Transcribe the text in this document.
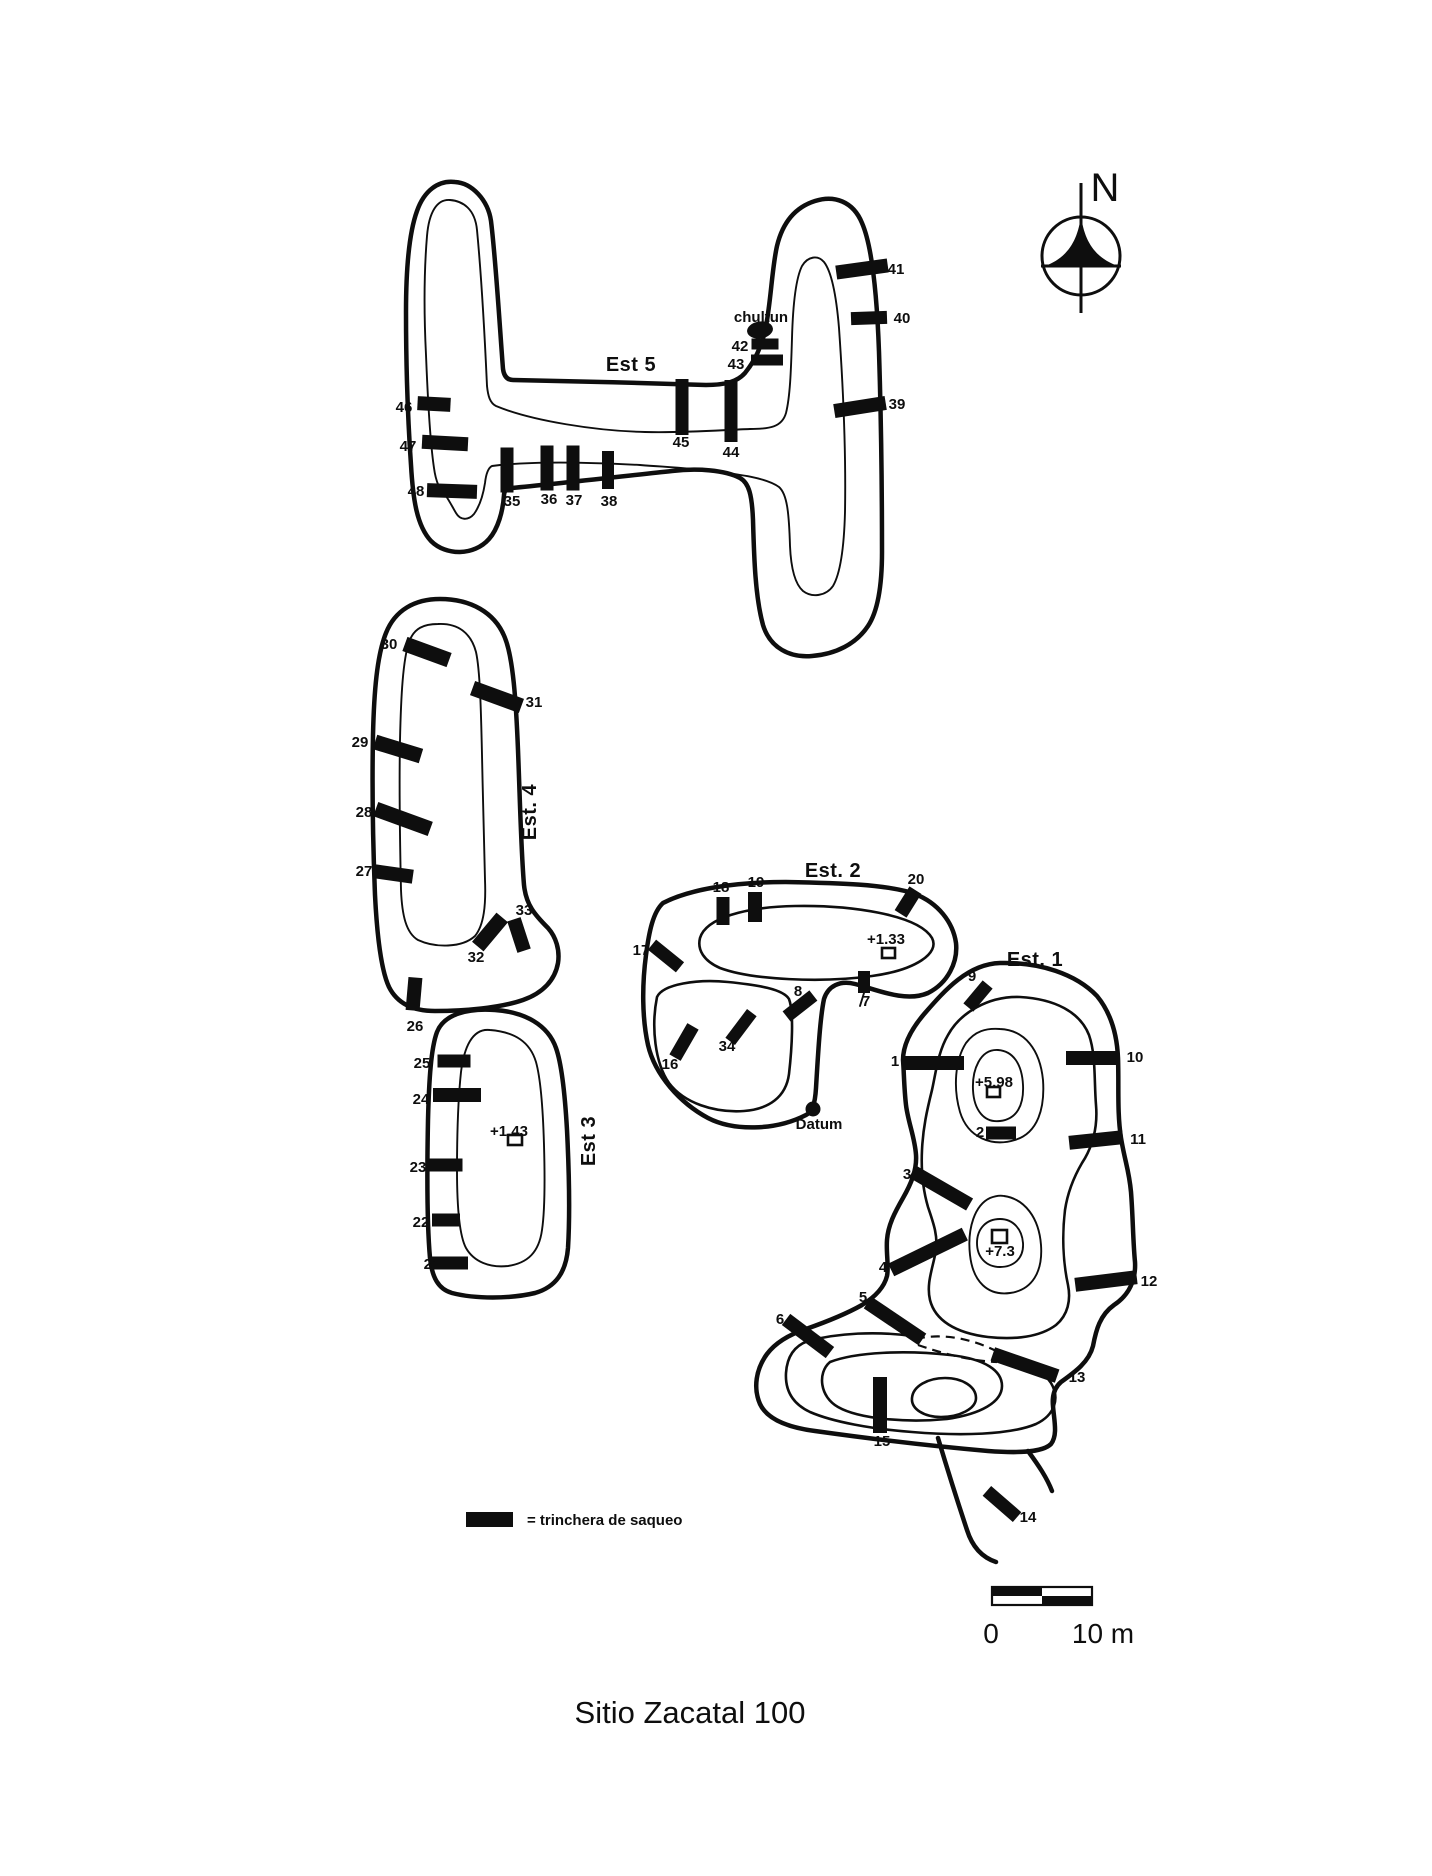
N
= trinchera de saqueo
0	10 m
Sitio Zacatal 100
1
2
3
4
5
6
7
8
9
10
11
12
13
14
15
16
17
18 19	20
21
22
23
24
25
26
27
28
29
30
31
32
33
34
35 36 37 38
39
40
41
42
43
44
45
46
47
48
Est 5
Est. 4
Est 3
Est. 2
Est. 1
chultun
Datum
+1.33
+1.43
+5.98
+7.3
